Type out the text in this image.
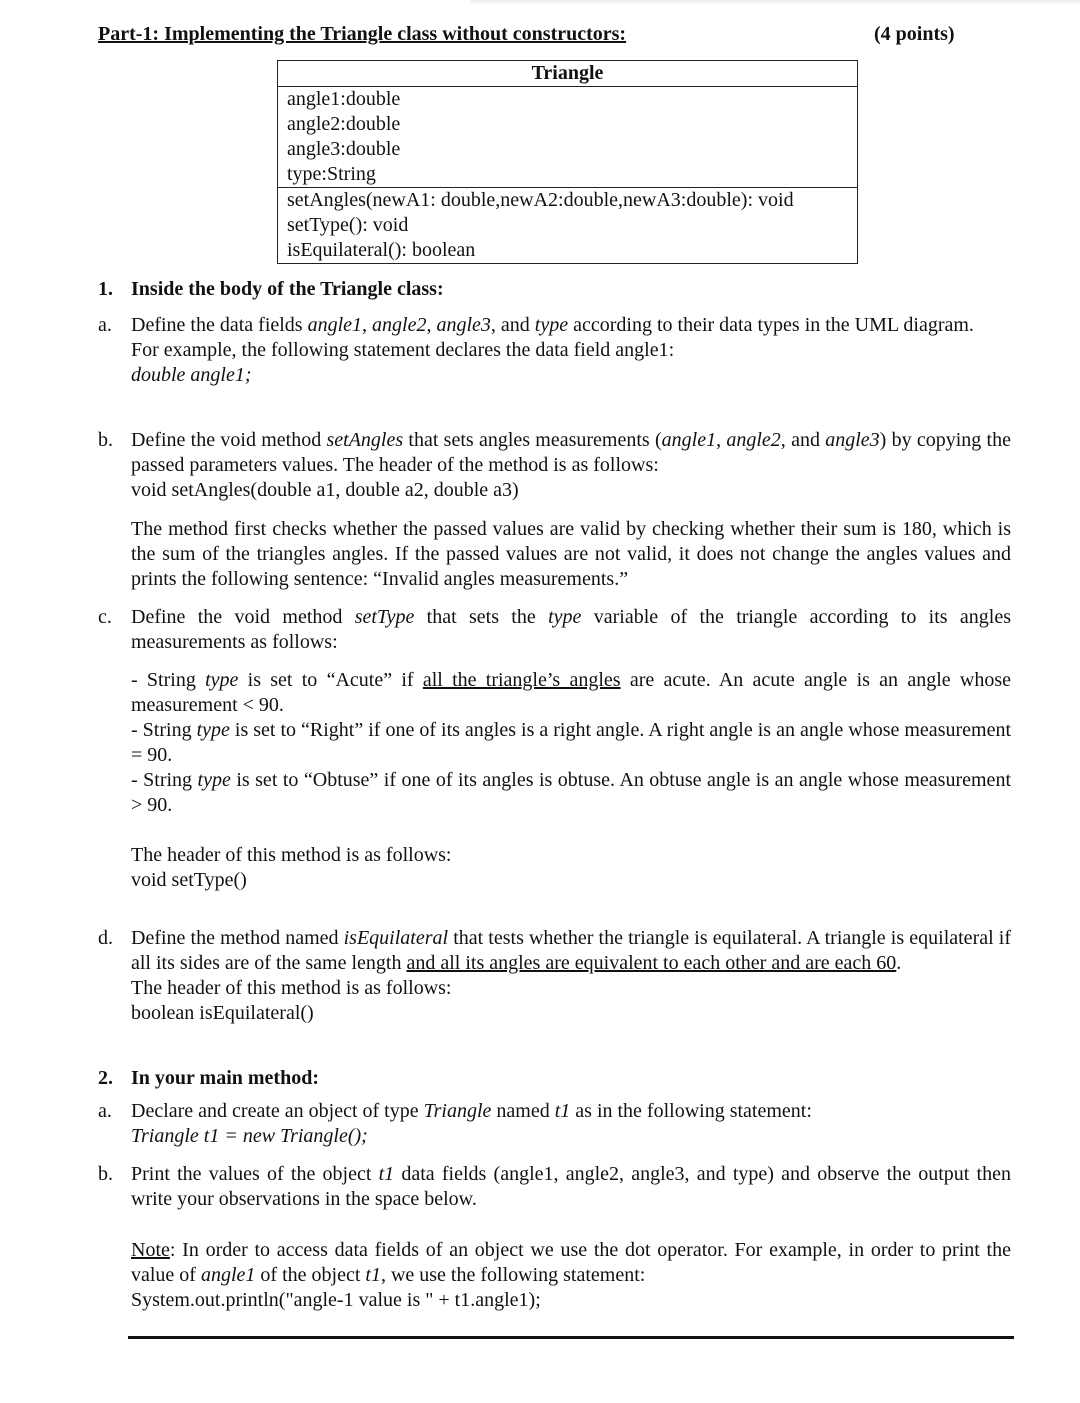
Part-1: Implementing the Triangle class without constructors:	(4 points)
Triangle
angle1:double
angle2:double
angle3:double
type:String
setAngles(newA1: double,newA2:double,newA3:double): void
setType(): void
isEquilateral(): boolean
1. Inside the body of the Triangle class:
a. Define the data fields angle1, angle2, angle3, and type according to their data types in the UML diagram.

For example, the following statement declares the data field angle1:

double angle1;

b. Define the void method setAngles that sets angles measurements (angle1, angle2, and angle3) by copying the passed parameters values. The header of the method is as follows:

void setAngles(double a1, double a2, double a3)

The method first checks whether the passed values are valid by checking whether their sum is 180, which is the sum of the triangles angles. If the passed values are not valid, it does not change the angles values and prints the following sentence: “Invalid angles measurements.”

c. Define the void method setType that sets the type variable of the triangle according to its angles measurements as follows:

- String type is set to “Acute” if all the triangle’s angles are acute. An acute angle is an angle whose measurement < 90.

- String type is set to “Right” if one of its angles is a right angle. A right angle is an angle whose measurement = 90.

- String type is set to “Obtuse” if one of its angles is obtuse. An obtuse angle is an angle whose measurement > 90.

The header of this method is as follows:

void setType()

d. Define the method named isEquilateral that tests whether the triangle is equilateral. A triangle is equilateral if all its sides are of the same length and all its angles are equivalent to each other and are each 60.

The header of this method is as follows:

boolean isEquilateral()

2. In your main method:
a. Declare and create an object of type Triangle named t1 as in the following statement:

Triangle t1 = new Triangle();

b. Print the values of the object t1 data fields (angle1, angle2, angle3, and type) and observe the output then write your observations in the space below.

Note: In order to access data fields of an object we use the dot operator. For example, in order to print the value of angle1 of the object t1, we use the following statement:

System.out.println("angle-1 value is " + t1.angle1);
